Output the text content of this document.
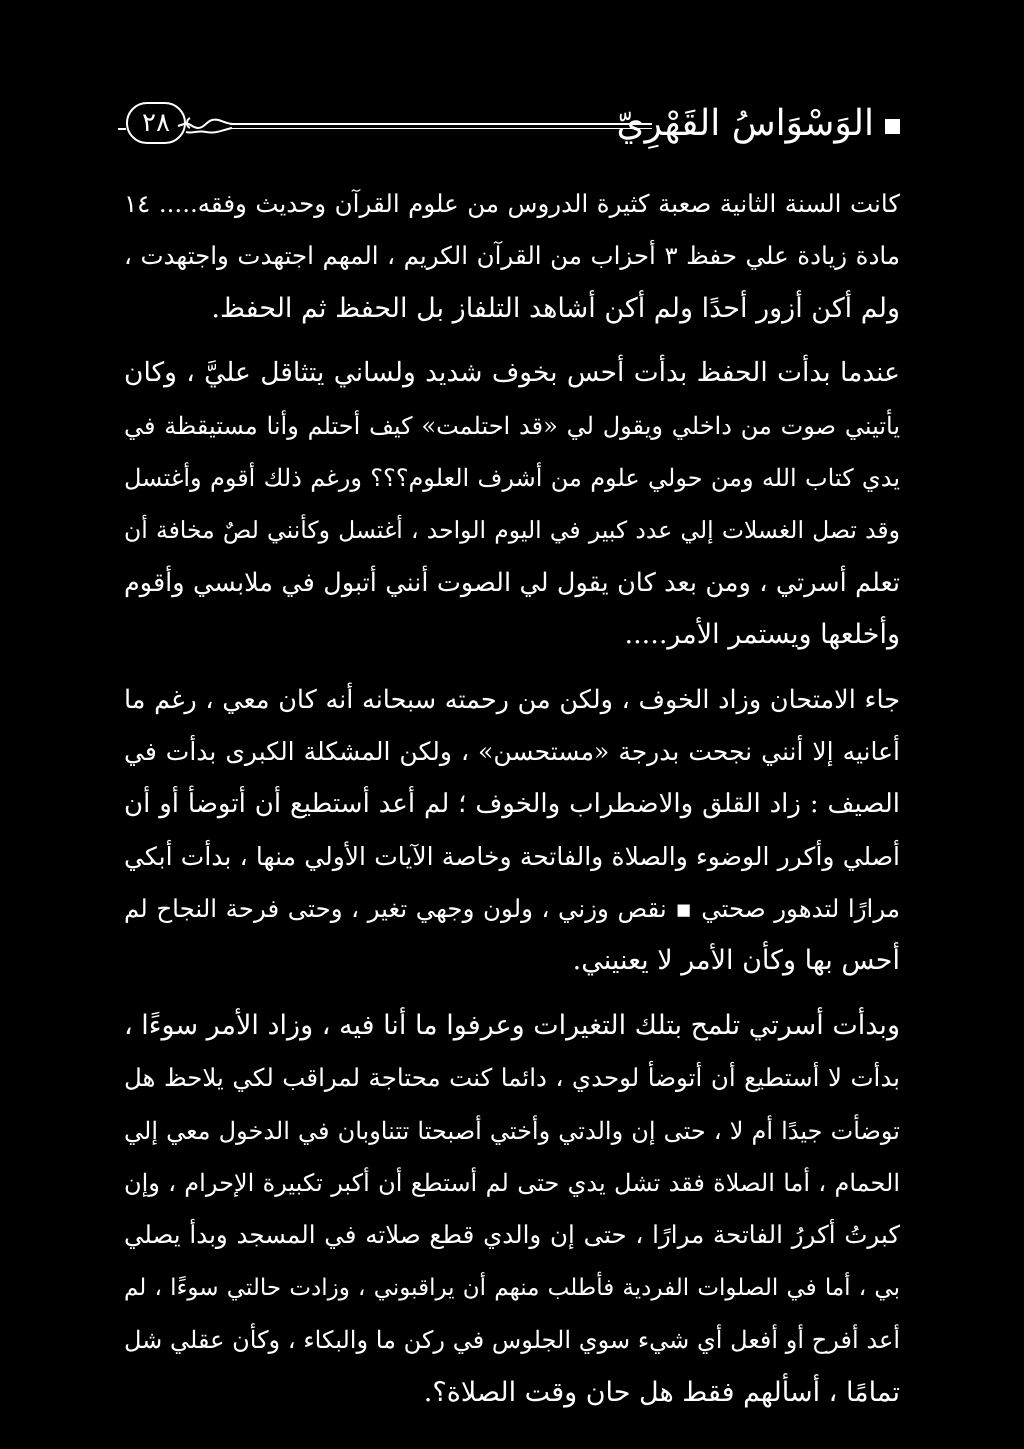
الوَسْوَاسُ القَهْرِيّ
٢٨
كانت السنة الثانية صعبة كثيرة الدروس من علوم القرآن وحديث وفقه..... ١٤
مادة زيادة علي حفظ ٣ أحزاب من القرآن الكريم ، المهم اجتهدت واجتهدت ،
ولم أكن أزور أحدًا ولم أكن أشاهد التلفاز بل الحفظ ثم الحفظ.
عندما بدأت الحفظ بدأت أحس بخوف شديد ولساني يتثاقل عليَّ ، وكان
يأتيني صوت من داخلي ويقول لي «قد احتلمت» كيف أحتلم وأنا مستيقظة في
يدي كتاب الله ومن حولي علوم من أشرف العلوم؟؟؟ ورغم ذلك أقوم وأغتسل
وقد تصل الغسلات إلي عدد كبير في اليوم الواحد ، أغتسل وكأنني لصٌ مخافة أن
تعلم أسرتي ، ومن بعد كان يقول لي الصوت أنني أتبول في ملابسي وأقوم
وأخلعها ويستمر الأمر.....
جاء الامتحان وزاد الخوف ، ولكن من رحمته سبحانه أنه كان معي ، رغم ما
أعانيه إلا أنني نجحت بدرجة «مستحسن» ، ولكن المشكلة الكبرى بدأت في
الصيف : زاد القلق والاضطراب والخوف ؛ لم أعد أستطيع أن أتوضأ أو أن
أصلي وأكرر الوضوء والصلاة والفاتحة وخاصة الآيات الأولي منها ، بدأت أبكي
مرارًا لتدهور صحتي ▪ نقص وزني ، ولون وجهي تغير ، وحتى فرحة النجاح لم
أحس بها وكأن الأمر لا يعنيني.
وبدأت أسرتي تلمح بتلك التغيرات وعرفوا ما أنا فيه ، وزاد الأمر سوءًا ،
بدأت لا أستطيع أن أتوضأ لوحدي ، دائما كنت محتاجة لمراقب لكي يلاحظ هل
توضأت جيدًا أم لا ، حتى إن والدتي وأختي أصبحتا تتناوبان في الدخول معي إلي
الحمام ، أما الصلاة فقد تشل يدي حتى لم أستطع أن أكبر تكبيرة الإحرام ، وإن
كبرتُ أكررُ الفاتحة مرارًا ، حتى إن والدي قطع صلاته في المسجد وبدأ يصلي
بي ، أما في الصلوات الفردية فأطلب منهم أن يراقبوني ، وزادت حالتي سوءًا ، لم
أعد أفرح أو أفعل أي شيء سوي الجلوس في ركن ما والبكاء ، وكأن عقلي شل
تمامًا ، أسألهم فقط هل حان وقت الصلاة؟.
